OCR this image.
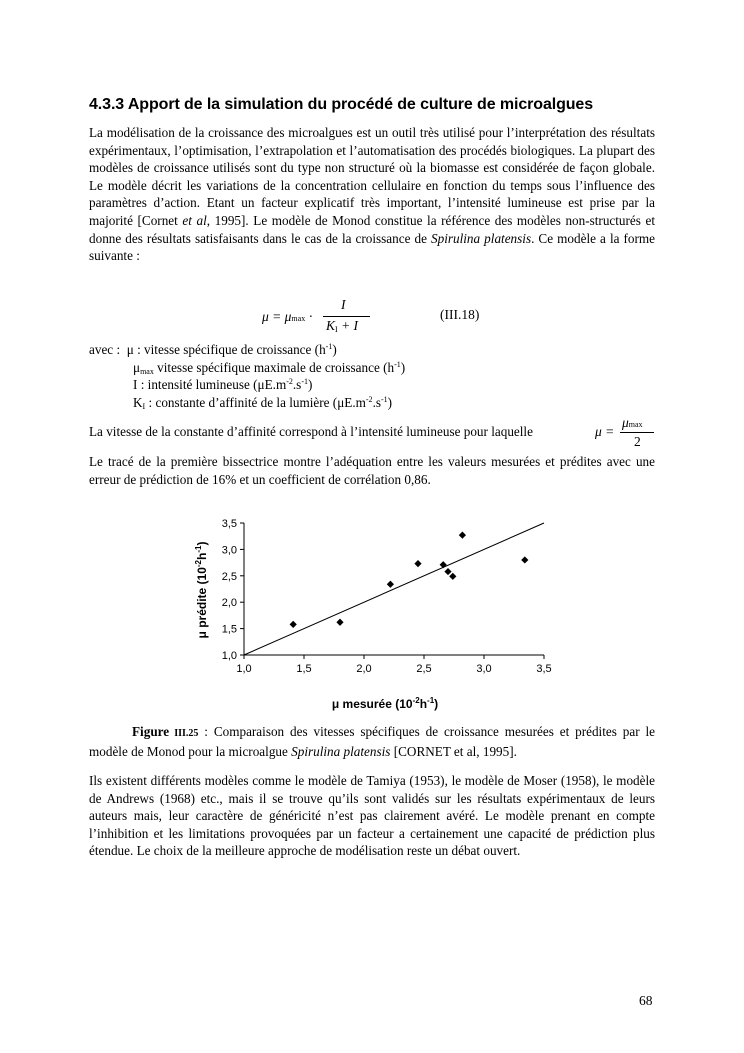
4.3.3 Apport de la simulation du procédé de culture de microalgues

La modélisation de la croissance des microalgues est un outil très utilisé pour l’interprétation des résultats expérimentaux, l’optimisation, l’extrapolation et l’automatisation des procédés biologiques. La plupart des modèles de croissance utilisés sont du type non structuré où la biomasse est considérée de façon globale. Le modèle décrit les variations de la concentration cellulaire en fonction du temps sous l’influence des paramètres d’action. Etant un facteur explicatif très important, l’intensité lumineuse est prise par la majorité [Cornet et al, 1995]. Le modèle de Monod constitue la référence des modèles non-structurés et donne des résultats satisfaisants dans le cas de la croissance de Spirulina platensis. Ce modèle a la forme suivante :

μ = μmax ·
I
$K_I + I$
(III.18)
avec : μ : vitesse spécifique de croissance $(h^{-1})$
$\mu_{max}$ vitesse spécifique maximale de croissance $(h^{-1})$
I : intensité lumineuse $(\mu E.m^{-2}.s^{-1})$
$K_I$ : constante d’affinité de la lumière $(\mu E.m^{-2}.s^{-1})$
La vitesse de la constante d’affinité correspond à l’intensité lumineuse pour laquelle	μ =
μmax
2

Le tracé de la première bissectrice montre l’adéquation entre les valeurs mesurées et prédites avec une erreur de prédiction de 16% et un coefficient de corrélation 0,86.

1,0	1,5	2,0	2,5	3,0	3,5
1,0
1,5
2,0
2,5
3,0
3,5
μ mesurée $(10^{-2}h^{-1})$
μ prédite $(10^{-2}h^{-1})$

Figure III.25 : Comparaison des vitesses spécifiques de croissance mesurées et prédites par le modèle de Monod pour la microalgue Spirulina platensis [CORNET et al, 1995].

Ils existent différents modèles comme le modèle de Tamiya (1953), le modèle de Moser (1958), le modèle de Andrews (1968) etc., mais il se trouve qu’ils sont validés sur les résultats expérimentaux de leurs auteurs mais, leur caractère de généricité n’est pas clairement avéré. Le modèle prenant en compte l’inhibition et les limitations provoquées par un facteur a certainement une capacité de prédiction plus étendue. Le choix de la meilleure approche de modélisation reste un débat ouvert.

68
